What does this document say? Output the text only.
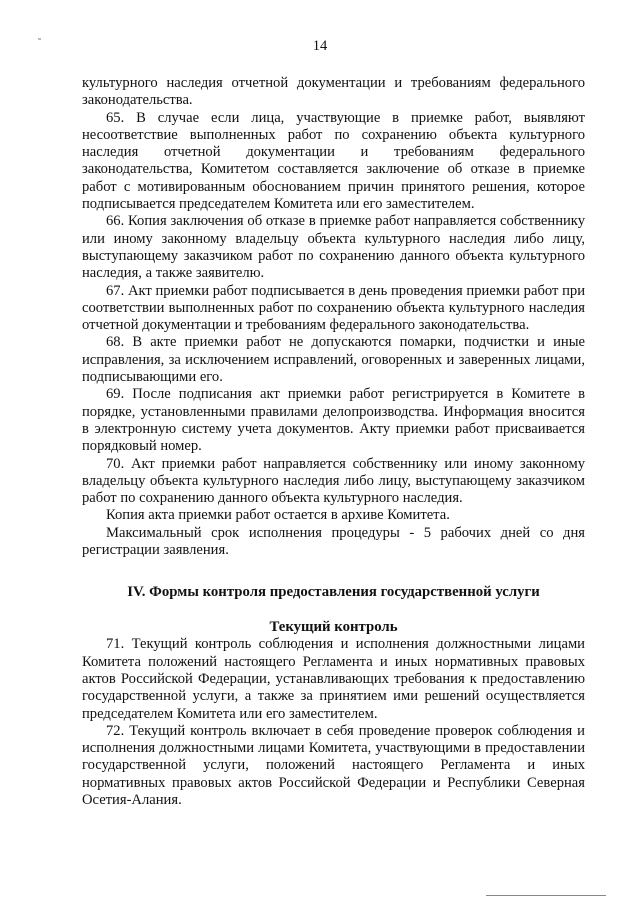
14

культурного наследия отчетной документации и требованиям федерального законодательства.

65. В случае если лица, участвующие в приемке работ, выявляют несоответствие выполненных работ по сохранению объекта культурного наследия отчетной документации и требованиям федерального законодательства, Комитетом составляется заключение об отказе в приемке работ с мотивированным обоснованием причин принятого решения, которое подписывается председателем Комитета или его заместителем.

66. Копия заключения об отказе в приемке работ направляется собственнику или иному законному владельцу объекта культурного наследия либо лицу, выступающему заказчиком работ по сохранению данного объекта культурного наследия, а также заявителю.

67. Акт приемки работ подписывается в день проведения приемки работ при соответствии выполненных работ по сохранению объекта культурного наследия отчетной документации и требованиям федерального законодательства.

68. В акте приемки работ не допускаются помарки, подчистки и иные исправления, за исключением исправлений, оговоренных и заверенных лицами, подписывающими его.

69. После подписания акт приемки работ регистрируется в Комитете в порядке, установленными правилами делопроизводства. Информация вносится в электронную систему учета документов. Акту приемки работ присваивается порядковый номер.

70. Акт приемки работ направляется собственнику или иному законному владельцу объекта культурного наследия либо лицу, выступающему заказчиком работ по сохранению данного объекта культурного наследия.

Копия акта приемки работ остается в архиве Комитета.

Максимальный срок исполнения процедуры - 5 рабочих дней со дня регистрации заявления.

IV. Формы контроля предоставления государственной услуги
Текущий контроль

71. Текущий контроль соблюдения и исполнения должностными лицами Комитета положений настоящего Регламента и иных нормативных правовых актов Российской Федерации, устанавливающих требования к предоставлению государственной услуги, а также за принятием ими решений осуществляется председателем Комитета или его заместителем.

72. Текущий контроль включает в себя проведение проверок соблюдения и исполнения должностными лицами Комитета, участвующими в предоставлении государственной услуги, положений настоящего Регламента и иных нормативных правовых актов Российской Федерации и Республики Северная Осетия-Алания.
